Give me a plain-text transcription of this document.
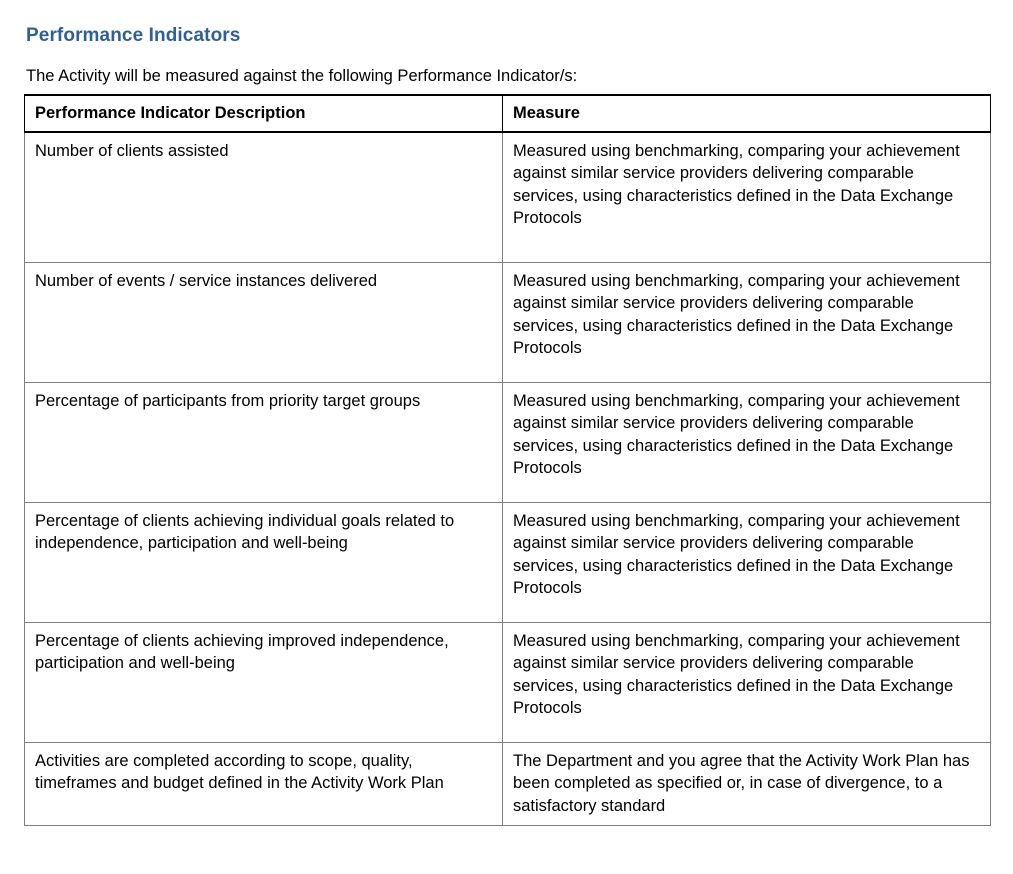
Performance Indicators
The Activity will be measured against the following Performance Indicator/s:
Performance Indicator Description	Measure

Number of clients assisted	Measured using benchmarking, comparing your achievement against similar service providers delivering comparable services, using characteristics defined in the Data Exchange Protocols

Number of events / service instances delivered	Measured using benchmarking, comparing your achievement against similar service providers delivering comparable services, using characteristics defined in the Data Exchange Protocols

Percentage of participants from priority target groups	Measured using benchmarking, comparing your achievement against similar service providers delivering comparable services, using characteristics defined in the Data Exchange Protocols

Percentage of clients achieving individual goals related to independence, participation and well-being	Measured using benchmarking, comparing your achievement against similar service providers delivering comparable services, using characteristics defined in the Data Exchange Protocols

Percentage of clients achieving improved independence, participation and well-being	Measured using benchmarking, comparing your achievement against similar service providers delivering comparable services, using characteristics defined in the Data Exchange Protocols

Activities are completed according to scope, quality, timeframes and budget defined in the Activity Work Plan	The Department and you agree that the Activity Work Plan has been completed as specified or, in case of divergence, to a satisfactory standard
